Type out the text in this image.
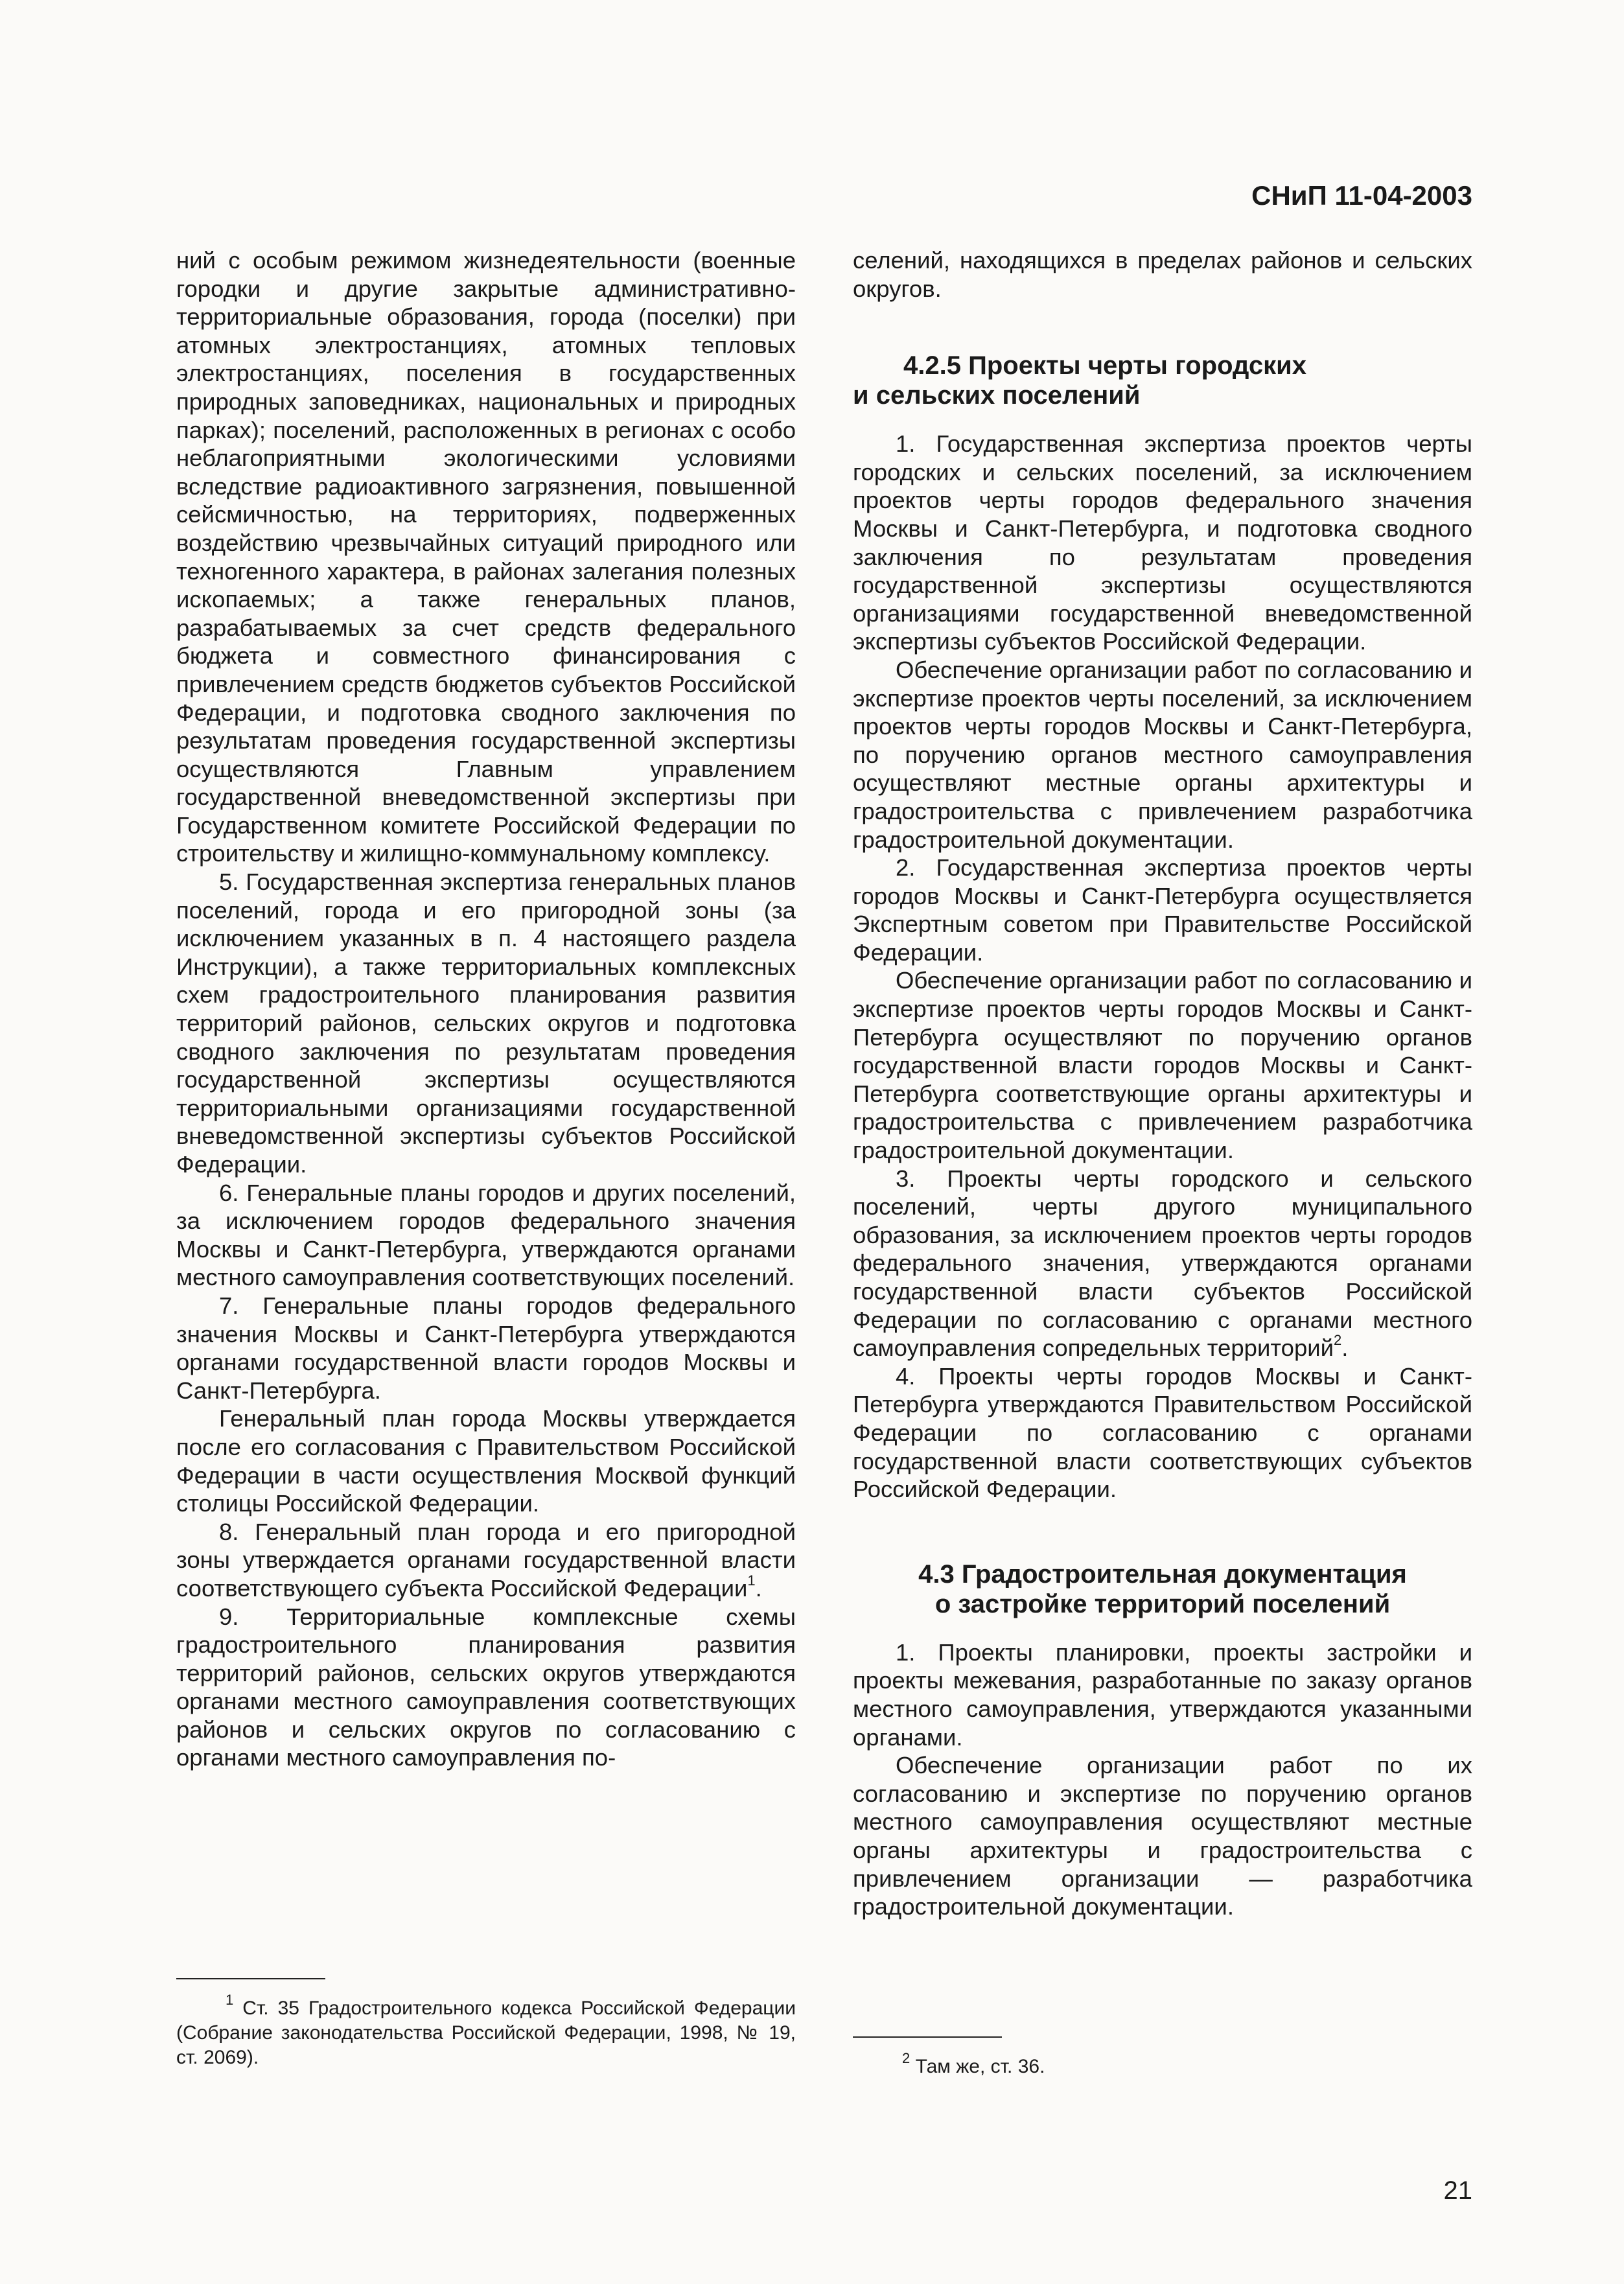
СНиП 11-04-2003

ний с особым режимом жизнедеятельности (военные городки и другие закрытые административно-территориальные образования, города (поселки) при атомных электростанциях, атомных тепловых электростанциях, поселения в государственных природных заповедниках, национальных и природных парках); поселений, расположенных в регионах с особо неблагоприятными экологическими условиями вследствие радиоактивного загрязнения, повышенной сейсмичностью, на территориях, подверженных воздействию чрезвычайных ситуаций природного или техногенного характера, в районах залегания полезных ископаемых; а также генеральных планов, разрабатываемых за счет средств федерального бюджета и совместного финансирования с привлечением средств бюджетов субъектов Российской Федерации, и подготовка сводного заключения по результатам проведения государственной экспертизы осуществляются Главным управлением государственной вневедомственной экспертизы при Государственном комитете Российской Федерации по строительству и жилищно-коммунальному комплексу.

5. Государственная экспертиза генеральных планов поселений, города и его пригородной зоны (за исключением указанных в п. 4 настоящего раздела Инструкции), а также территориальных комплексных схем градостроительного планирования развития территорий районов, сельских округов и подготовка сводного заключения по результатам проведения государственной экспертизы осуществляются территориальными организациями государственной вневедомственной экспертизы субъектов Российской Федерации.

6. Генеральные планы городов и других поселений, за исключением городов федерального значения Москвы и Санкт-Петербурга, утверждаются органами местного самоуправления соответствующих поселений.

7. Генеральные планы городов федерального значения Москвы и Санкт-Петербурга утверждаются органами государственной власти городов Москвы и Санкт-Петербурга.

Генеральный план города Москвы утверждается после его согласования с Правительством Российской Федерации в части осуществления Москвой функций столицы Российской Федерации.

8. Генеральный план города и его пригородной зоны утверждается органами государственной власти соответствующего субъекта Российской Федерации$^1$.

9. Территориальные комплексные схемы градостроительного планирования развития территорий районов, сельских округов утверждаются органами местного самоуправления соответствующих районов и сельских округов по согласованию с органами местного самоуправления по-

$^1$ Ст. 35 Градостроительного кодекса Российской Федерации (Собрание законодательства Российской Федерации, 1998, № 19, ст. 2069).

селений, находящихся в пределах районов и сельских округов.

4.2.5 Проекты черты городских
и сельских поселений

1. Государственная экспертиза проектов черты городских и сельских поселений, за исключением проектов черты городов федерального значения Москвы и Санкт-Петербурга, и подготовка сводного заключения по результатам проведения государственной экспертизы осуществляются организациями государственной вневедомственной экспертизы субъектов Российской Федерации.

Обеспечение организации работ по согласованию и экспертизе проектов черты поселений, за исключением проектов черты городов Москвы и Санкт-Петербурга, по поручению органов местного самоуправления осуществляют местные органы архитектуры и градостроительства с привлечением разработчика градостроительной документации.

2. Государственная экспертиза проектов черты городов Москвы и Санкт-Петербурга осуществляется Экспертным советом при Правительстве Российской Федерации.

Обеспечение организации работ по согласованию и экспертизе проектов черты городов Москвы и Санкт-Петербурга осуществляют по поручению органов государственной власти городов Москвы и Санкт-Петербурга соответствующие органы архитектуры и градостроительства с привлечением разработчика градостроительной документации.

3. Проекты черты городского и сельского поселений, черты другого муниципального образования, за исключением проектов черты городов федерального значения, утверждаются органами государственной власти субъектов Российской Федерации по согласованию с органами местного самоуправления сопредельных территорий$^2$.

4. Проекты черты городов Москвы и Санкт-Петербурга утверждаются Правительством Российской Федерации по согласованию с органами государственной власти соответствующих субъектов Российской Федерации.

4.3 Градостроительная документация
о застройке территорий поселений

1. Проекты планировки, проекты застройки и проекты межевания, разработанные по заказу органов местного самоуправления, утверждаются указанными органами.

Обеспечение организации работ по их согласованию и экспертизе по поручению органов местного самоуправления осуществляют местные органы архитектуры и градостроительства с привлечением организации — разработчика градостроительной документации.

$^2$ Там же, ст. 36.

21
